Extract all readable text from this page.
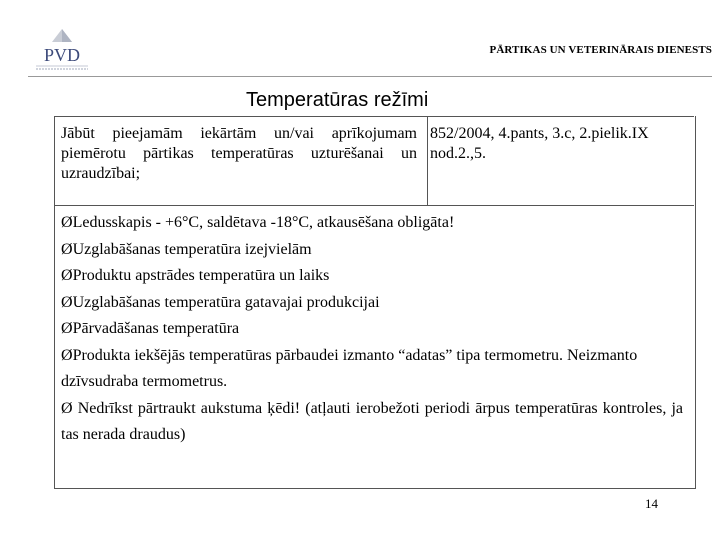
PVD	PĀRTIKAS UN VETERINĀRAIS DIENESTS
Temperatūras režīmi
Jābūt pieejamām iekārtām un/vai aprīkojumam piemērotu pārtikas temperatūras uzturēšanai un uzraudzībai;
852/2004, 4.pants, 3.c, 2.pielik.IX nod.2.,5.

ØLedusskapis - +6°C, saldētava -18°C, atkausēšana obligāta!

ØUzglabāšanas temperatūra izejvielām

ØProduktu apstrādes temperatūra un laiks

ØUzglabāšanas temperatūra gatavajai produkcijai

ØPārvadāšanas temperatūra

ØProdukta iekšējās temperatūras pārbaudei izmanto “adatas” tipa termometru. Neizmanto dzīvsudraba termometrus.

Ø Nedrīkst pārtraukt aukstuma ķēdi! (atļauti ierobežoti periodi ārpus temperatūras kontroles, ja tas nerada draudus)

14
